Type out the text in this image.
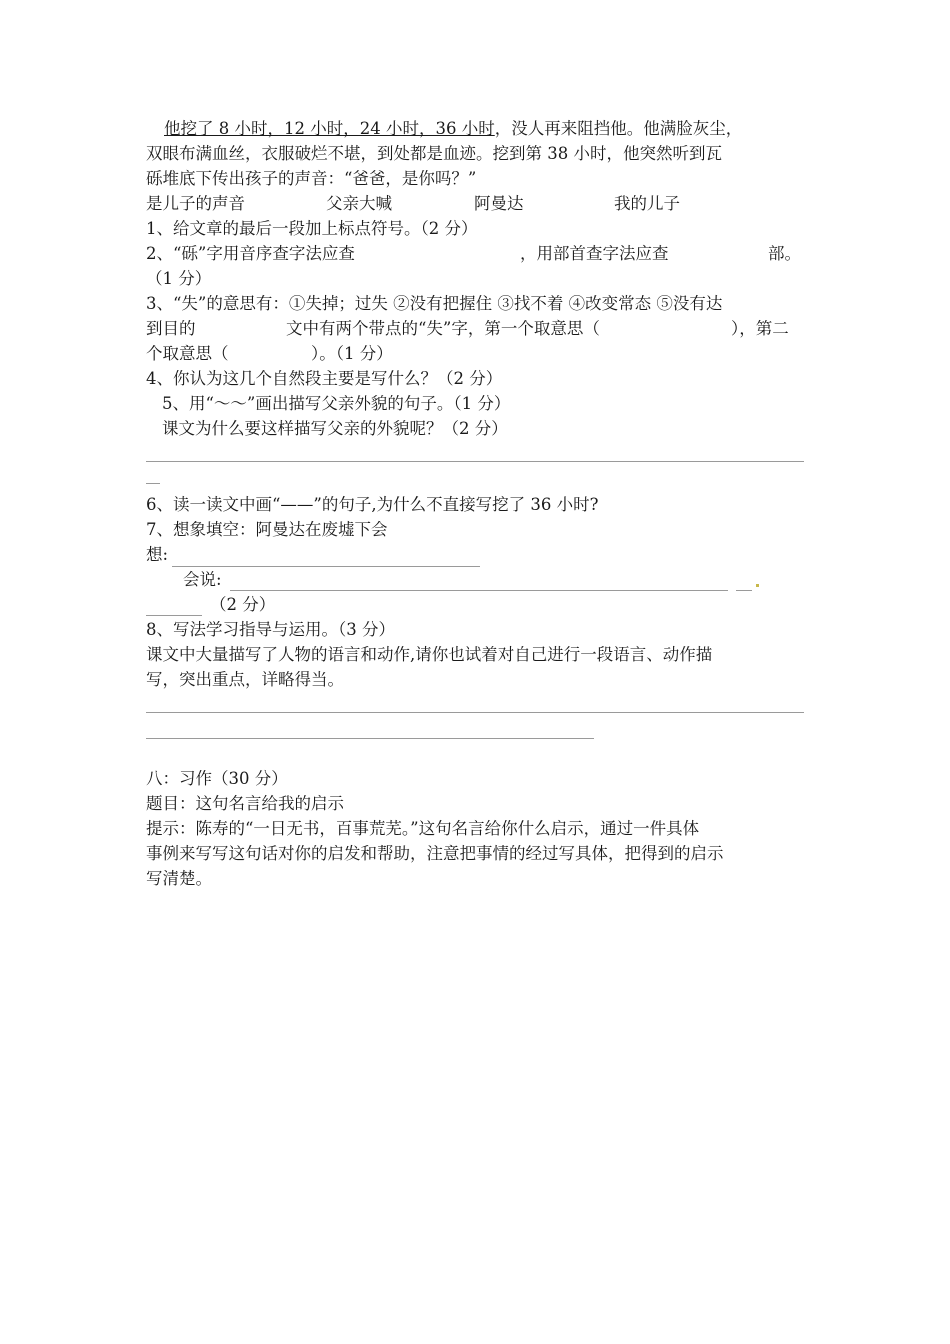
他挖了 8 小时，12 小时，24 小时，36 小时，没人再来阻挡他。他满脸灰尘，
双眼布满血丝，衣服破烂不堪，到处都是血迹。挖到第 38 小时，他突然听到瓦
砾堆底下传出孩子的声音：“爸爸，是你吗？”
是儿子的声音	父亲大喊	阿曼达	我的儿子
1、给文章的最后一段加上标点符号。（2 分）
2、“砾”字用音序查字法应查	，用部首查字法应查	部。
（1 分）
3、“失”的意思有：①失掉；过失 ②没有把握住 ③找不着 ④改变常态 ⑤没有达
到目的	文中有两个带点的“失”字，第一个取意思（	），第二
个取意思（	）。（1 分）
4、你认为这几个自然段主要是写什么？（2 分）
5、用“～～”画出描写父亲外貌的句子。（1 分）
课文为什么要这样描写父亲的外貌呢？（2 分）
6、读一读文中画“——”的句子,为什么不直接写挖了 36 小时?
7、想象填空：阿曼达在废墟下会
想:
会说:
（2 分）
8、写法学习指导与运用。（3 分）
课文中大量描写了人物的语言和动作,请你也试着对自己进行一段语言、动作描
写，突出重点，详略得当。
八：习作（30 分）
题目：这句名言给我的启示
提示：陈寿的“一日无书，百事荒芜。”这句名言给你什么启示，通过一件具体
事例来写写这句话对你的启发和帮助，注意把事情的经过写具体，把得到的启示
写清楚。
